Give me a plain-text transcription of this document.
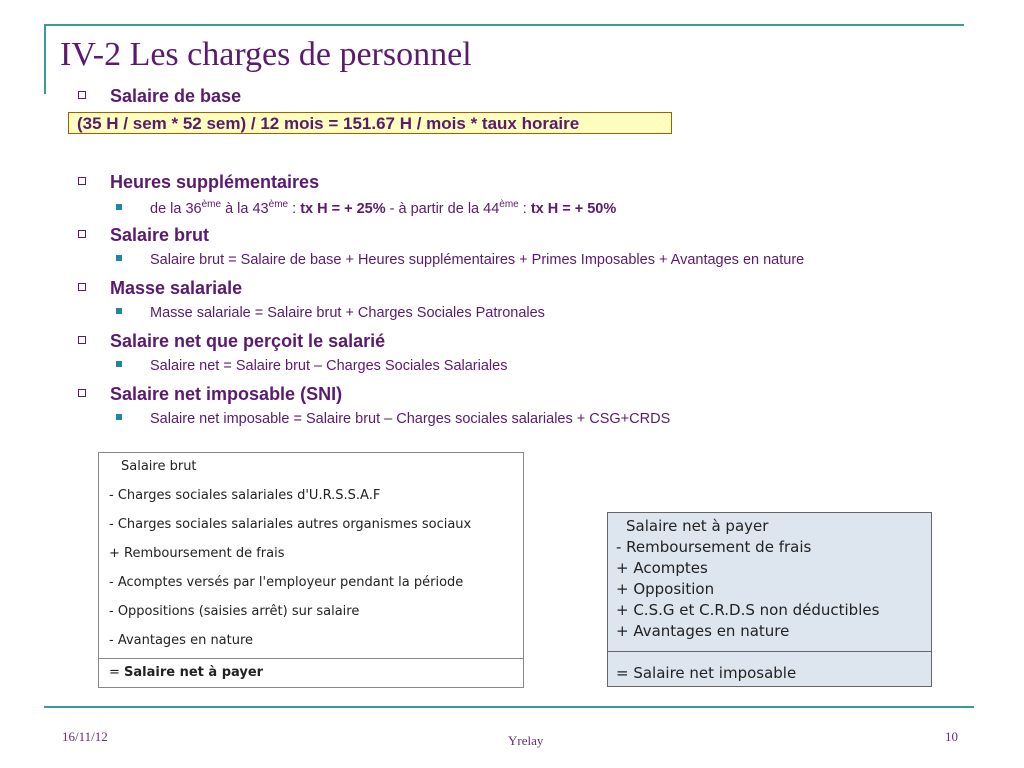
IV-2 Les charges de personnel
Salaire de base
(35 H / sem * 52 sem) / 12 mois = 151.67 H / mois * taux horaire
Heures supplémentaires
de la 36ème à la 43ème : tx H = + 25% - à partir de la 44ème : tx H = + 50%
Salaire brut
Salaire brut = Salaire de base + Heures supplémentaires + Primes Imposables + Avantages en nature
Masse salariale
Masse salariale = Salaire brut + Charges Sociales Patronales
Salaire net que perçoit le salarié
Salaire net = Salaire brut – Charges Sociales Salariales
Salaire net imposable (SNI)
Salaire net imposable = Salaire brut – Charges sociales salariales + CSG+CRDS
Salaire brut
- Charges sociales salariales d'U.R.S.S.A.F
- Charges sociales salariales autres organismes sociaux
+ Remboursement de frais
- Acomptes versés par l'employeur pendant la période
- Oppositions (saisies arrêt) sur salaire
- Avantages en nature
= Salaire net à payer
Salaire net à payer
- Remboursement de frais
+ Acomptes
+ Opposition
+ C.S.G et C.R.D.S non déductibles
+ Avantages en nature
= Salaire net imposable
16/11/12	Yrelay	10
